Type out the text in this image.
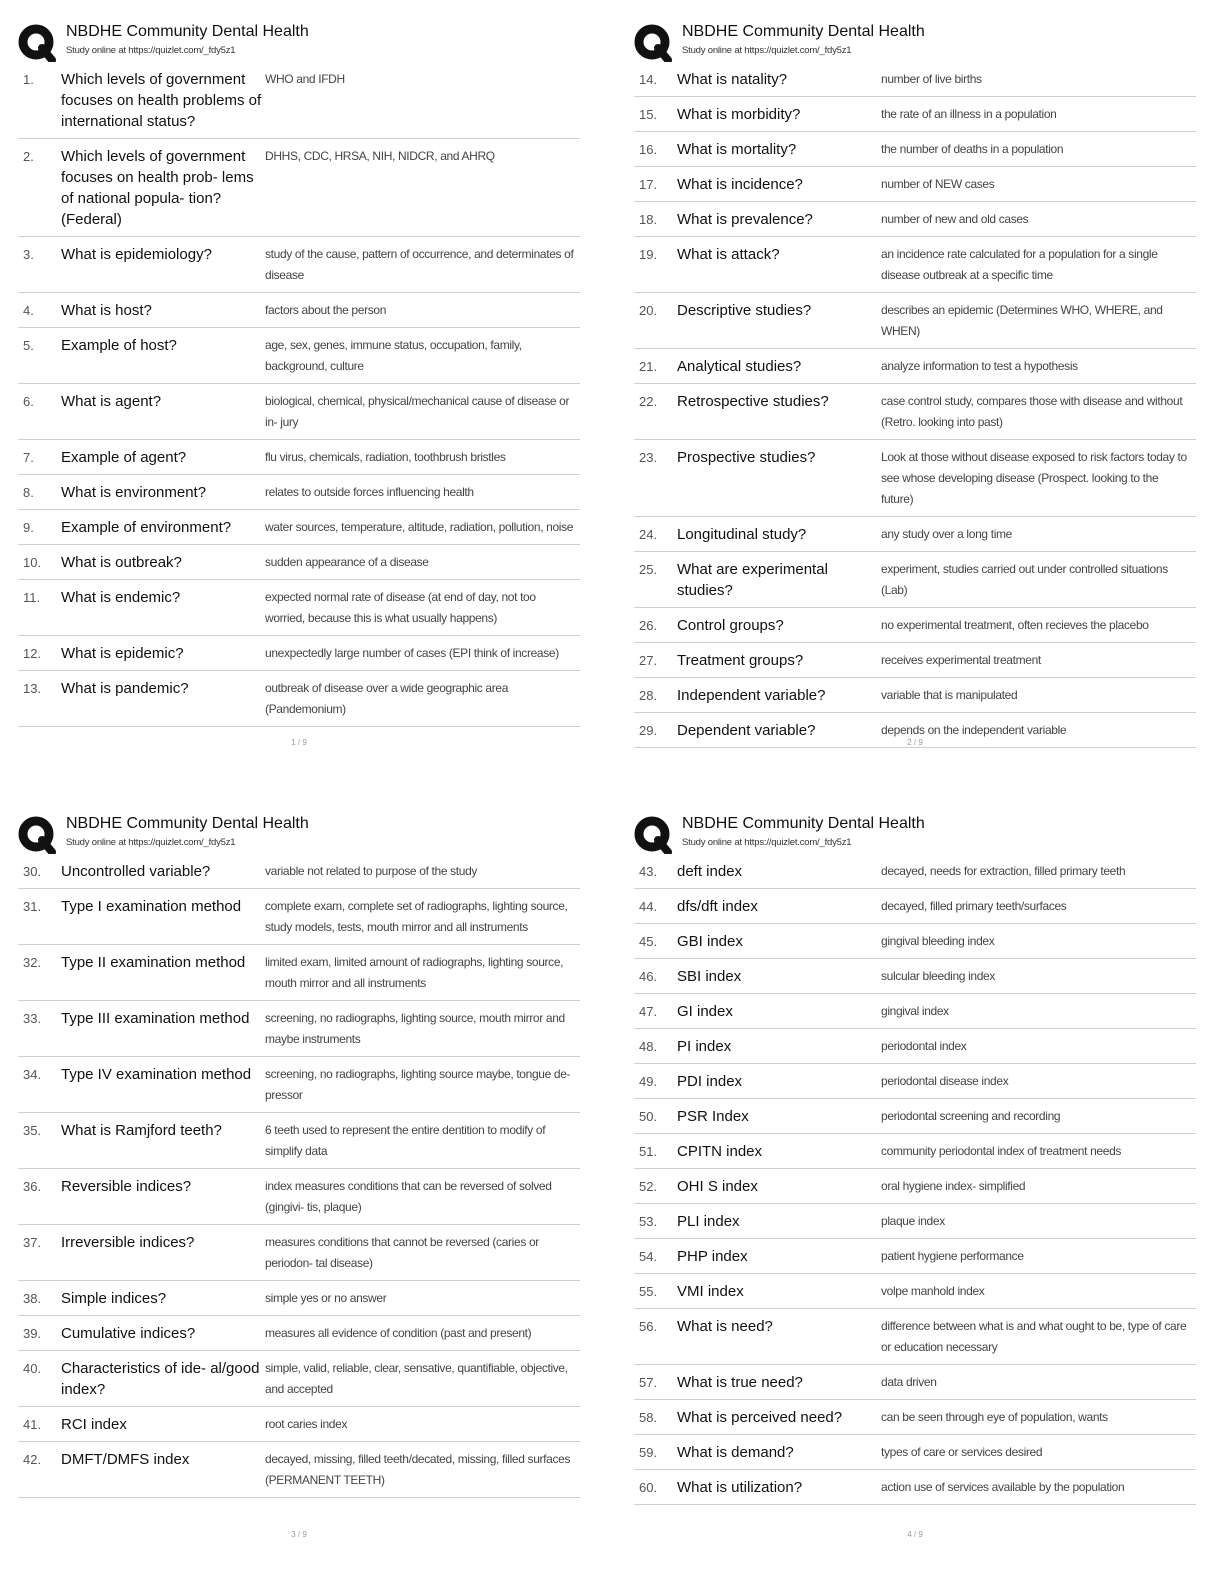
NBDHE Community Dental Health
Study online at https://quizlet.com/_fdy5z1
1.	Which levels of government focuses on health problems of international status?	WHO and IFDH
2.	Which levels of government focuses on health prob- lems of national popula- tion? (Federal)	DHHS, CDC, HRSA, NIH, NIDCR, and AHRQ
3.	What is epidemiology?	study of the cause, pattern of occurrence, and determinates of disease
4.	What is host?	factors about the person
5.	Example of host?	age, sex, genes, immune status, occupation, family, background, culture
6.	What is agent?	biological, chemical, physical/mechanical cause of disease or in- jury
7.	Example of agent?	flu virus, chemicals, radiation, toothbrush bristles
8.	What is environment?	relates to outside forces influencing health
9.	Example of environment?	water sources, temperature, altitude, radiation, pollution, noise
10.	What is outbreak?	sudden appearance of a disease
11.	What is endemic?	expected normal rate of disease (at end of day, not too worried, because this is what usually happens)
12.	What is epidemic?	unexpectedly large number of cases (EPI think of increase)
13.	What is pandemic?	outbreak of disease over a wide geographic area (Pandemonium)
1 / 9
NBDHE Community Dental Health
Study online at https://quizlet.com/_fdy5z1
14.	What is natality?	number of live births
15.	What is morbidity?	the rate of an illness in a population
16.	What is mortality?	the number of deaths in a population
17.	What is incidence?	number of NEW cases
18.	What is prevalence?	number of new and old cases
19.	What is attack?	an incidence rate calculated for a population for a single disease outbreak at a specific time
20.	Descriptive studies?	describes an epidemic (Determines WHO, WHERE, and WHEN)
21.	Analytical studies?	analyze information to test a hypothesis
22.	Retrospective studies?	case control study, compares those with disease and without (Retro. looking into past)
23.	Prospective studies?	Look at those without disease exposed to risk factors today to see whose developing disease (Prospect. looking to the future)
24.	Longitudinal study?	any study over a long time
25.	What are experimental studies?	experiment, studies carried out under controlled situations (Lab)
26.	Control groups?	no experimental treatment, often recieves the placebo
27.	Treatment groups?	receives experimental treatment
28.	Independent variable?	variable that is manipulated
29.	Dependent variable?	depends on the independent variable
2 / 9
NBDHE Community Dental Health
Study online at https://quizlet.com/_fdy5z1
30.	Uncontrolled variable?	variable not related to purpose of the study
31.	Type I examination method	complete exam, complete set of radiographs, lighting source, study models, tests, mouth mirror and all instruments
32.	Type II examination method	limited exam, limited amount of radiographs, lighting source, mouth mirror and all instruments
33.	Type III examination method	screening, no radiographs, lighting source, mouth mirror and maybe instruments
34.	Type IV examination method	screening, no radiographs, lighting source maybe, tongue de- pressor
35.	What is Ramjford teeth?	6 teeth used to represent the entire dentition to modify of simplify data
36.	Reversible indices?	index measures conditions that can be reversed of solved (gingivi- tis, plaque)
37.	Irreversible indices?	measures conditions that cannot be reversed (caries or periodon- tal disease)
38.	Simple indices?	simple yes or no answer
39.	Cumulative indices?	measures all evidence of condition (past and present)
40.	Characteristics of ide- al/good index?	simple, valid, reliable, clear, sensative, quantifiable, objective, and accepted
41.	RCI index	root caries index
42.	DMFT/DMFS index	decayed, missing, filled teeth/decated, missing, filled surfaces (PERMANENT TEETH)
3 / 9
NBDHE Community Dental Health
Study online at https://quizlet.com/_fdy5z1
43.	deft index	decayed, needs for extraction, filled primary teeth
44.	dfs/dft index	decayed, filled primary teeth/surfaces
45.	GBI index	gingival bleeding index
46.	SBI index	sulcular bleeding index
47.	GI index	gingival index
48.	PI index	periodontal index
49.	PDI index	periodontal disease index
50.	PSR Index	periodontal screening and recording
51.	CPITN index	community periodontal index of treatment needs
52.	OHI S index	oral hygiene index- simplified
53.	PLI index	plaque index
54.	PHP index	patient hygiene performance
55.	VMI index	volpe manhold index
56.	What is need?	difference between what is and what ought to be, type of care or education necessary
57.	What is true need?	data driven
58.	What is perceived need?	can be seen through eye of population, wants
59.	What is demand?	types of care or services desired
60.	What is utilization?	action use of services available by the population
4 / 9
